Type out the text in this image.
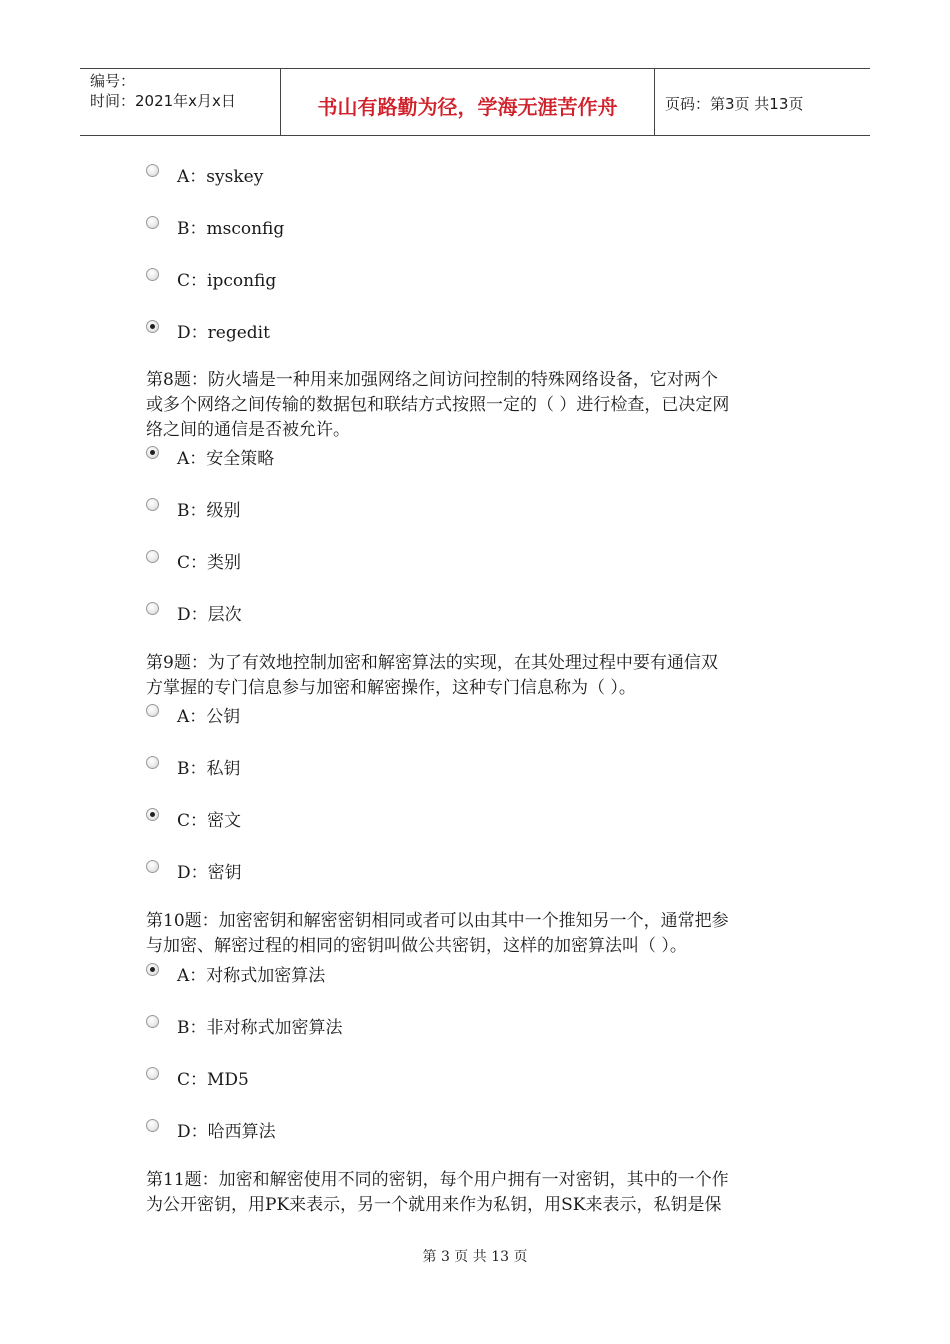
编号：
时间：2021年x月x日	书山有路勤为径，学海无涯苦作舟	页码：第3页 共13页
A：syskey
B：msconfig
C：ipconfig
D：regedit
第8题：防火墙是一种用来加强网络之间访问控制的特殊网络设备，它对两个
或多个网络之间传输的数据包和联结方式按照一定的（ ）进行检查，已决定网
络之间的通信是否被允许。
A：安全策略
B：级别
C：类别
D：层次
第9题：为了有效地控制加密和解密算法的实现，在其处理过程中要有通信双
方掌握的专门信息参与加密和解密操作，这种专门信息称为（ ）。
A：公钥
B：私钥
C：密文
D：密钥
第10题：加密密钥和解密密钥相同或者可以由其中一个推知另一个，通常把参
与加密、解密过程的相同的密钥叫做公共密钥，这样的加密算法叫（ ）。
A：对称式加密算法
B：非对称式加密算法
C：MD5
D：哈西算法
第11题：加密和解密使用不同的密钥，每个用户拥有一对密钥，其中的一个作
为公开密钥，用PK来表示，另一个就用来作为私钥，用SK来表示，私钥是保
第 3 页 共 13 页
